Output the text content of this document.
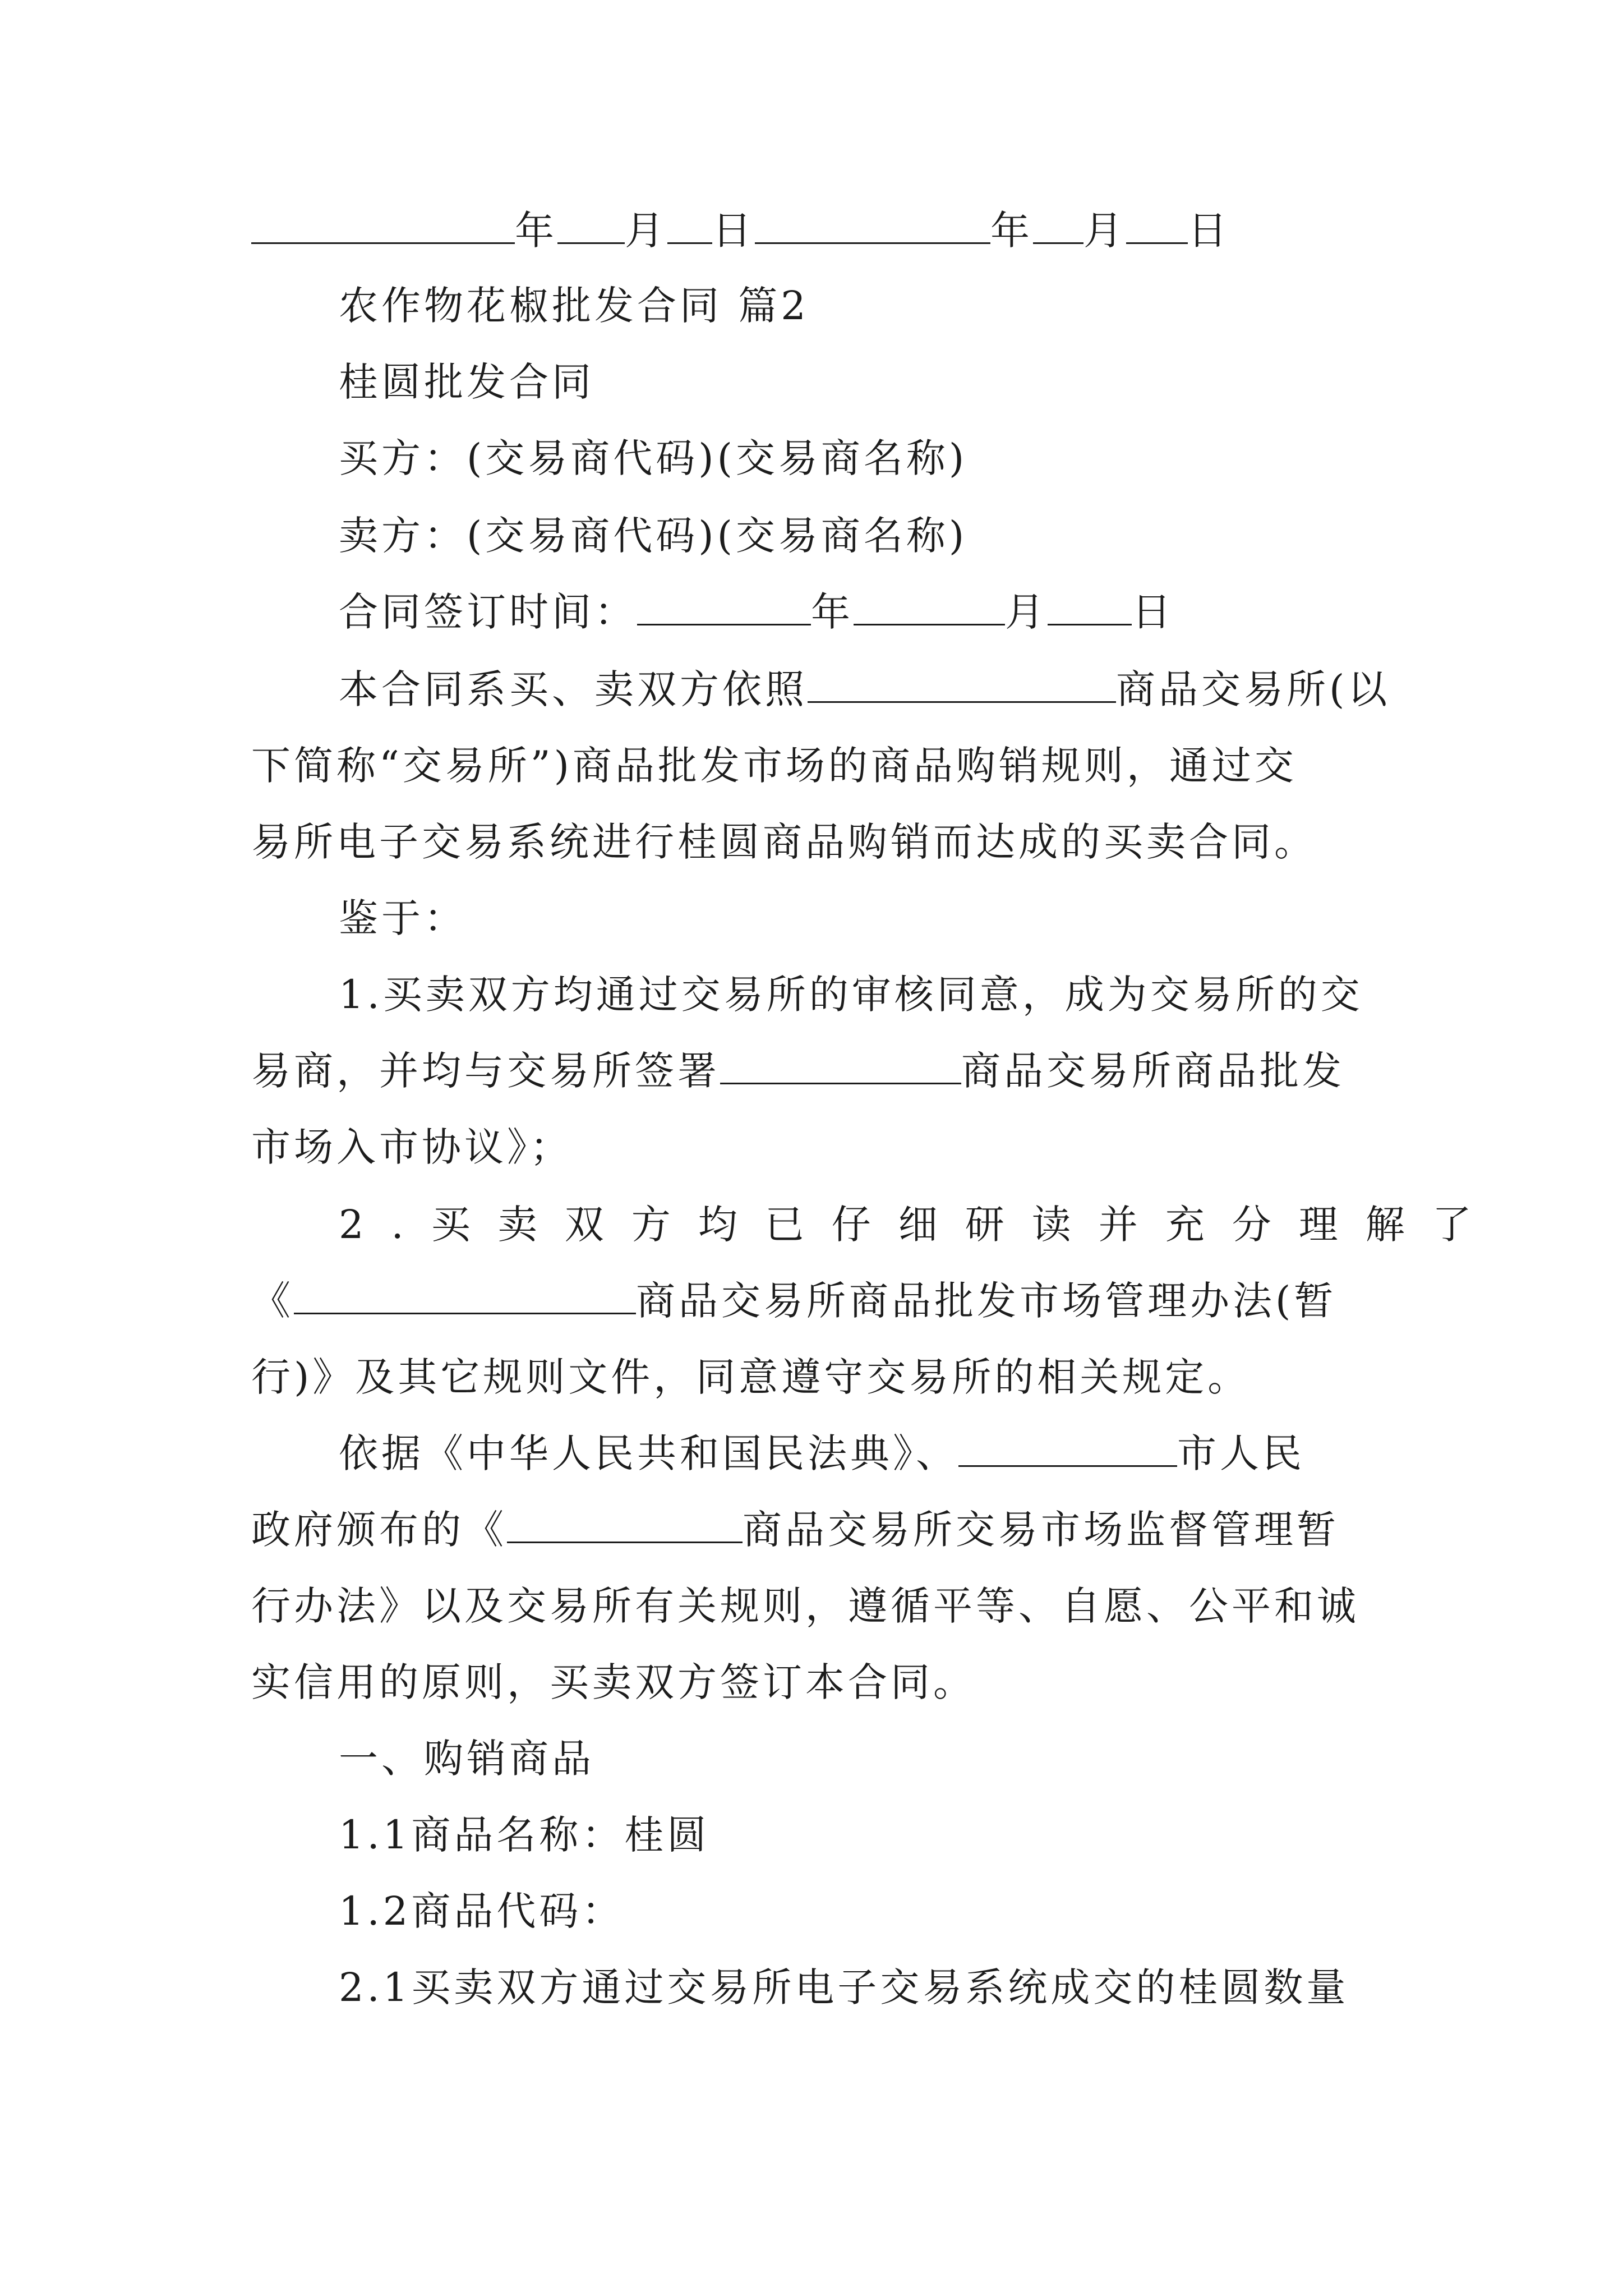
年 月 日	年 月 日
农作物花椒批发合同 篇2
桂圆批发合同
买方：(交易商代码)(交易商名称)
卖方：(交易商代码)(交易商名称)
合同签订时间：	年	月 日
本合同系买、卖双方依照	商品交易所(以
下简称“交易所”)商品批发市场的商品购销规则，通过交
易所电子交易系统进行桂圆商品购销而达成的买卖合同。
鉴于：
1.买卖双方均通过交易所的审核同意，成为交易所的交
易商，并均与交易所签署	商品交易所商品批发
市场入市协议》；
2.买卖双方均已仔细研读并充分理解了
《	商品交易所商品批发市场管理办法(暂
行)》及其它规则文件，同意遵守交易所的相关规定。
依据《中华人民共和国民法典》、	市人民
政府颁布的《	商品交易所交易市场监督管理暂
行办法》以及交易所有关规则，遵循平等、自愿、公平和诚
实信用的原则，买卖双方签订本合同。
一、购销商品
1.1商品名称：桂圆
1.2商品代码：
2.1买卖双方通过交易所电子交易系统成交的桂圆数量
